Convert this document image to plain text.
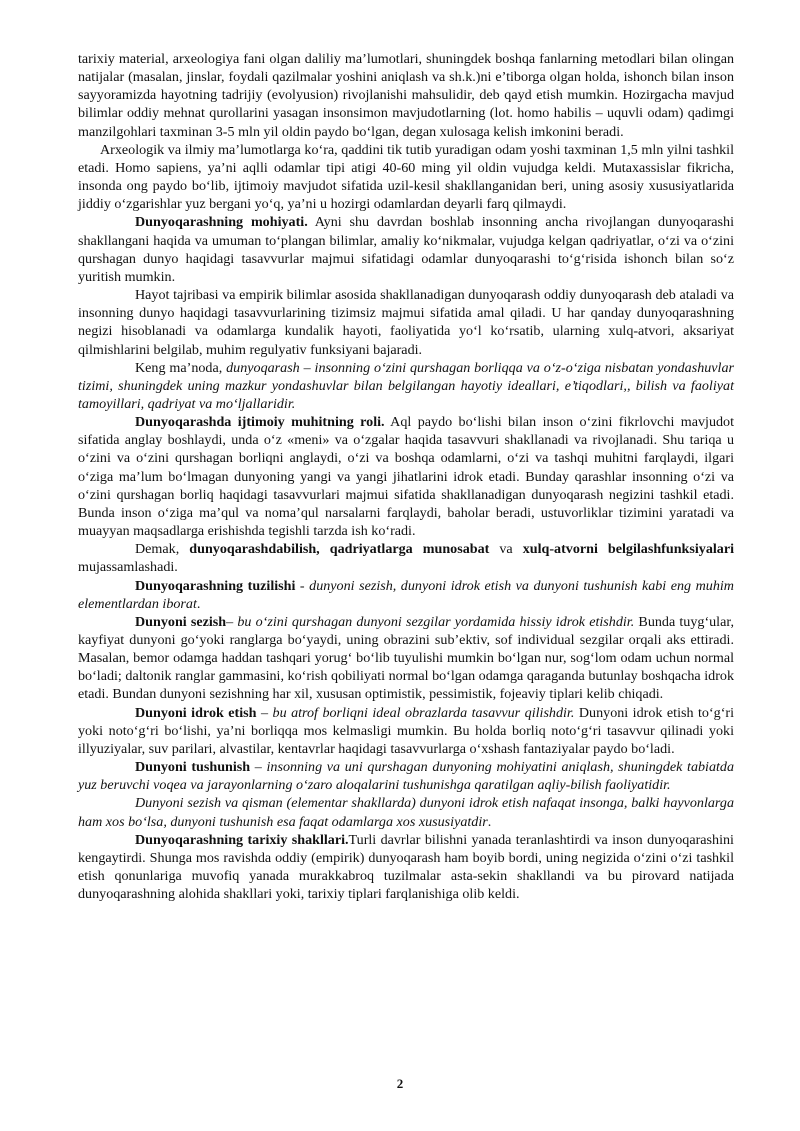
tarixiy material, arxeologiya fani olgan daliliy ma’lumotlari, shuningdek boshqa fanlarning metodlari bilan olingan natijalar (masalan, jinslar, foydali qazilmalar yoshini aniqlash va sh.k.)ni e’tiborga olgan holda, ishonch bilan inson sayyoramizda hayotning tadrijiy (evolyusion) rivojlanishi mahsulidir, deb qayd etish mumkin. Hozirgacha mavjud bilimlar oddiy mehnat qurollarini yasagan insonsimon mavjudotlarning (lot. homo habilis – uquvli odam) qadimgi manzilgohlari taxminan 3-5 mln yil oldin paydo bo‘lgan, degan xulosaga kelish imkonini beradi.

Arxeologik va ilmiy ma’lumotlarga ko‘ra, qaddini tik tutib yuradigan odam yoshi taxminan 1,5 mln yilni tashkil etadi. Homo sapiens, ya’ni aqlli odamlar tipi atigi 40-60 ming yil oldin vujudga keldi. Mutaxassislar fikricha, insonda ong paydo bo‘lib, ijtimoiy mavjudot sifatida uzil-kesil shakllanganidan beri, uning asosiy xususiyatlarida jiddiy o‘zgarishlar yuz bergani yo‘q, ya’ni u hozirgi odamlardan deyarli farq qilmaydi.

Dunyoqarashning mohiyati. Ayni shu davrdan boshlab insonning ancha rivojlangan dunyoqarashi shakllangani haqida va umuman to‘plangan bilimlar, amaliy ko‘nikmalar, vujudga kelgan qadriyatlar, o‘zi va o‘zini qurshagan dunyo haqidagi tasavvurlar majmui sifatidagi odamlar dunyoqarashi to‘g‘risida ishonch bilan so‘z yuritish mumkin.

Hayot tajribasi va empirik bilimlar asosida shakllanadigan dunyoqarash oddiy dunyoqarash deb ataladi va insonning dunyo haqidagi tasavvurlarining tizimsiz majmui sifatida amal qiladi. U har qanday dunyoqarashning negizi hisoblanadi va odamlarga kundalik hayoti, faoliyatida yo‘l ko‘rsatib, ularning xulq-atvori, aksariyat qilmishlarini belgilab, muhim regulyativ funksiyani bajaradi.

Keng ma’noda, dunyoqarash – insonning o‘zini qurshagan borliqqa va o‘z-o‘ziga nisbatan yondashuvlar tizimi, shuningdek uning mazkur yondashuvlar bilan belgilangan hayotiy ideallari, e’tiqodlari,, bilish va faoliyat tamoyillari, qadriyat va mo‘ljallaridir.

Dunyoqarashda ijtimoiy muhitning roli. Aql paydo bo‘lishi bilan inson o‘zini fikrlovchi mavjudot sifatida anglay boshlaydi, unda o‘z «meni» va o‘zgalar haqida tasavvuri shakllanadi va rivojlanadi. Shu tariqa u o‘zini va o‘zini qurshagan borliqni anglaydi, o‘zi va boshqa odamlarni, o‘zi va tashqi muhitni farqlaydi, ilgari o‘ziga ma’lum bo‘lmagan dunyoning yangi va yangi jihatlarini idrok etadi. Bunday qarashlar insonning o‘zi va o‘zini qurshagan borliq haqidagi tasavvurlari majmui sifatida shakllanadigan dunyoqarash negizini tashkil etadi. Bunda inson o‘ziga ma’qul va noma’qul narsalarni farqlaydi, baholar beradi, ustuvorliklar tizimini yaratadi va muayyan maqsadlarga erishishda tegishli tarzda ish ko‘radi.

Demak, dunyoqarashdabilish, qadriyatlarga munosabat va xulq-atvorni belgilashfunksiyalari mujassamlashadi.

Dunyoqarashning tuzilishi - dunyoni sezish, dunyoni idrok etish va dunyoni tushunish kabi eng muhim elementlardan iborat.

Dunyoni sezish– bu o‘zini qurshagan dunyoni sezgilar yordamida hissiy idrok etishdir. Bunda tuyg‘ular, kayfiyat dunyoni go‘yoki ranglarga bo‘yaydi, uning obrazini sub’ektiv, sof individual sezgilar orqali aks ettiradi. Masalan, bemor odamga haddan tashqari yorug‘ bo‘lib tuyulishi mumkin bo‘lgan nur, sog‘lom odam uchun normal bo‘ladi; daltonik ranglar gammasini, ko‘rish qobiliyati normal bo‘lgan odamga qaraganda butunlay boshqacha idrok etadi. Bundan dunyoni sezishning har xil, xususan optimistik, pessimistik, fojeaviy tiplari kelib chiqadi.

Dunyoni idrok etish – bu atrof borliqni ideal obrazlarda tasavvur qilishdir. Dunyoni idrok etish to‘g‘ri yoki noto‘g‘ri bo‘lishi, ya’ni borliqqa mos kelmasligi mumkin. Bu holda borliq noto‘g‘ri tasavvur qilinadi yoki illyuziyalar, suv parilari, alvastilar, kentavrlar haqidagi tasavvurlarga o‘xshash fantaziyalar paydo bo‘ladi.

Dunyoni tushunish – insonning va uni qurshagan dunyoning mohiyatini aniqlash, shuningdek tabiatda yuz beruvchi voqea va jarayonlarning o‘zaro aloqalarini tushunishga qaratilgan aqliy-bilish faoliyatidir.

Dunyoni sezish va qisman (elementar shakllarda) dunyoni idrok etish nafaqat insonga, balki hayvonlarga ham xos bo‘lsa, dunyoni tushunish esa faqat odamlarga xos xususiyatdir.

Dunyoqarashning tarixiy shakllari.Turli davrlar bilishni yanada teranlashtirdi va inson dunyoqarashini kengaytirdi. Shunga mos ravishda oddiy (empirik) dunyoqarash ham boyib bordi, uning negizida o‘zini o‘zi tashkil etish qonunlariga muvofiq yanada murakkabroq tuzilmalar asta-sekin shakllandi va bu pirovard natijada dunyoqarashning alohida shakllari yoki, tarixiy tiplari farqlanishiga olib keldi.

2
